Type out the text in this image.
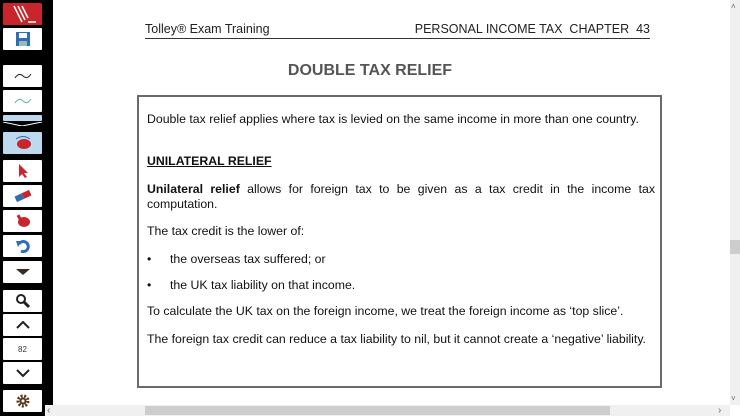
82
Tolley® Exam Training	PERSONAL INCOME TAX  CHAPTER  43
DOUBLE TAX RELIEF
Double tax relief applies where tax is levied on the same income in more than one country.
UNILATERAL RELIEF
Unilateral relief allows for foreign tax to be given as a tax credit in the income tax computation.
The tax credit is the lower of:
• the overseas tax suffered; or
• the UK tax liability on that income.
To calculate the UK tax on the foreign income, we treat the foreign income as ‘top slice’.
The foreign tax credit can reduce a tax liability to nil, but it cannot create a ‘negative’ liability.
˄
˅
‹	›
